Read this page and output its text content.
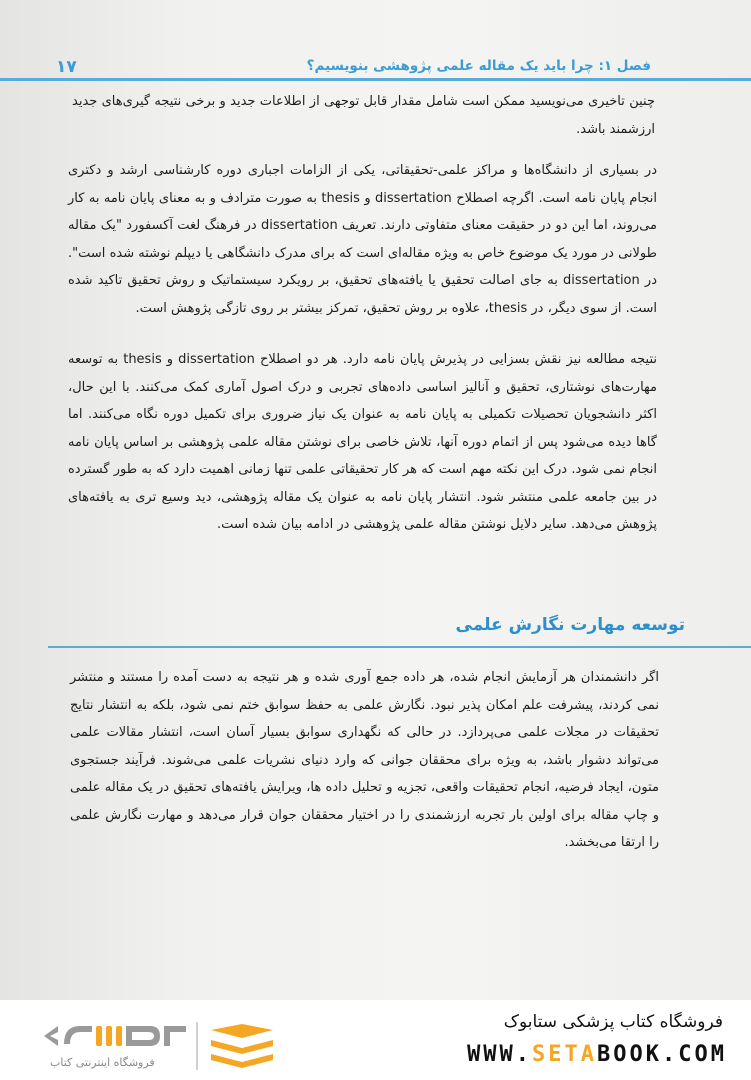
۱۷	فصل ۱: چرا باید یک مقاله علمی پژوهشی بنویسیم؟

چنین تاخیری می‌نویسید ممکن است شامل مقدار قابل توجهی از اطلاعات جدید و برخی نتیجه گیری‌های جدید ارزشمند باشد.

در بسیاری از دانشگاه‌ها و مراکز علمی-تحقیقاتی، یکی از الزامات اجباری دوره کارشناسی ارشد و دکتری انجام پایان نامه است. اگرچه اصطلاح dissertation و thesis به صورت مترادف و به معنای پایان نامه به کار می‌روند، اما این دو در حقیقت معنای متفاوتی دارند. تعریف dissertation در فرهنگ لغت آکسفورد "یک مقاله طولانی در مورد یک موضوع خاص به ویژه مقاله‌ای است که برای مدرک دانشگاهی یا دیپلم نوشته شده است". در dissertation به جای اصالت تحقیق یا یافته‌های تحقیق، بر رویکرد سیستماتیک و روش تحقیق تاکید شده است. از سوی دیگر، در thesis، علاوه بر روش تحقیق، تمرکز بیشتر بر روی تازگی پژوهش است.

نتیجه مطالعه نیز نقش بسزایی در پذیرش پایان نامه دارد. هر دو اصطلاح dissertation و thesis به توسعه مهارت‌های نوشتاری، تحقیق و آنالیز اساسی داده‌های تجربی و درک اصول آماری کمک می‌کنند. با این حال، اکثر دانشجویان تحصیلات تکمیلی به پایان نامه به عنوان یک نیاز ضروری برای تکمیل دوره نگاه می‌کنند. اما گاها دیده می‌شود پس از اتمام دوره آنها، تلاش خاصی برای نوشتن مقاله علمی پژوهشی بر اساس پایان نامه انجام نمی شود. درک این نکته مهم است که هر کار تحقیقاتی علمی تنها زمانی اهمیت دارد که به طور گسترده در بین جامعه علمی منتشر شود. انتشار پایان نامه به عنوان یک مقاله پژوهشی، دید وسیع تری به یافته‌های پژوهش می‌دهد. سایر دلایل نوشتن مقاله علمی پژوهشی در ادامه بیان شده است.

توسعه مهارت نگارش علمی

اگر دانشمندان هر آزمایش انجام شده، هر داده جمع آوری شده و هر نتیجه به دست آمده را مستند و منتشر نمی کردند، پیشرفت علم امکان پذیر نبود. نگارش علمی به حفظ سوابق ختم نمی شود، بلکه به انتشار نتایج تحقیقات در مجلات علمی می‌پردازد. در حالی که نگهداری سوابق بسیار آسان است، انتشار مقالات علمی می‌تواند دشوار باشد، به ویژه برای محققان جوانی که وارد دنیای نشریات علمی می‌شوند. فرآیند جستجوی متون، ایجاد فرضیه، انجام تحقیقات واقعی، تجزیه و تحلیل داده ها، ویرایش یافته‌های تحقیق در یک مقاله علمی و چاپ مقاله برای اولین بار تجربه ارزشمندی را در اختیار محققان جوان قرار می‌دهد و مهارت نگارش علمی را ارتقا می‌بخشد.

فروشگاه اینترنتی کتاب
فروشگاه کتاب پزشکی ستابوک
WWW.SETABOOK.COM
